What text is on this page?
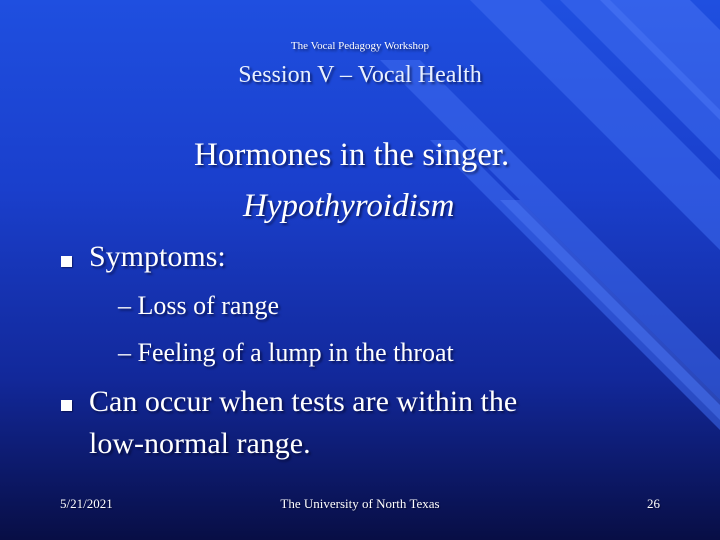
The Vocal Pedagogy Workshop
Session V – Vocal Health
Hormones in the singer.
Hypothyroidism
Symptoms:
– Loss of range
– Feeling of a lump in the throat
Can occur when tests are within the
low-normal range.
5/21/2021	The University of North Texas	26
